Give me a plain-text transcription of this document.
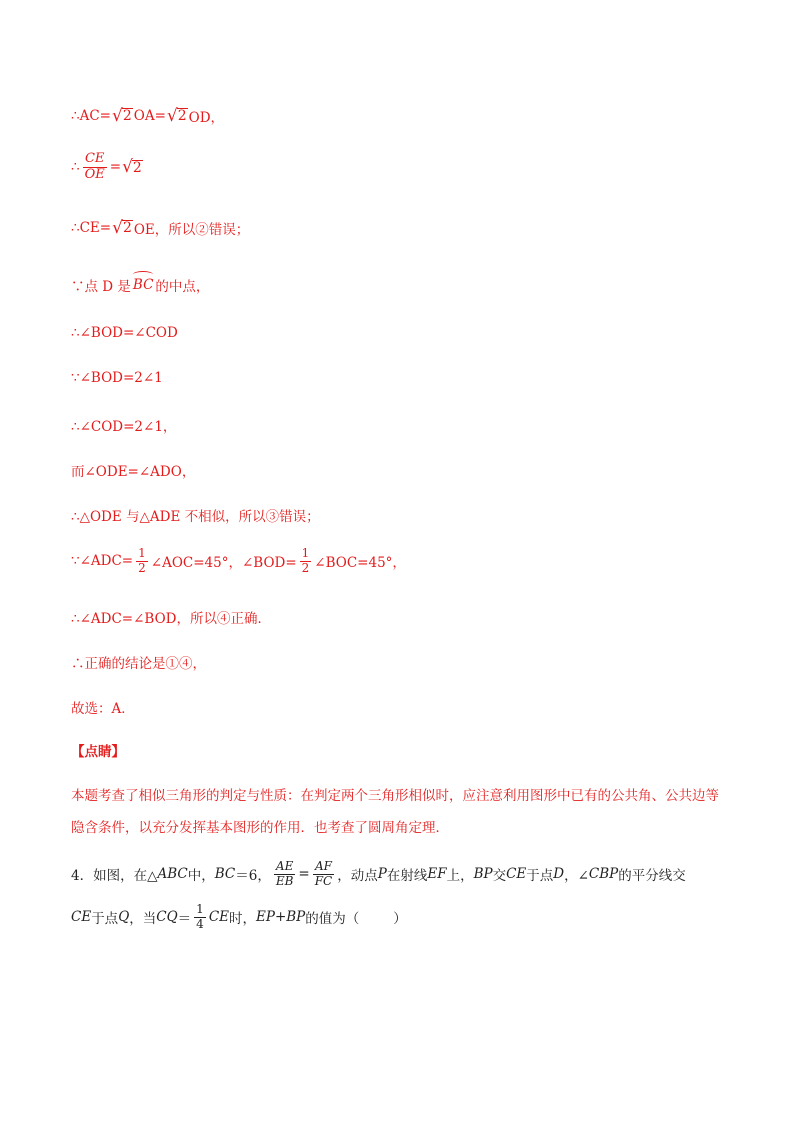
∴AC= √ 2 OA= √ 2 OD，
∴ $\frac{CE}{OE}$ = √ 2
∴CE= √ 2 OE，所以②错误；
∵点 D 是 BC 的中点，
∴∠BOD=∠COD
∵∠BOD=2∠1
∴∠COD=2∠1，
而∠ODE=∠ADO，
∴△ODE 与△ADE 不相似，所以③错误；
∵∠ADC= $\frac{1}{2}$ ∠AOC=45°，∠BOD= $\frac{1}{2}$ ∠BOC=45°，
∴∠ADC=∠BOD，所以④正确．
∴正确的结论是①④，
故选：A．
【点睛】
本题考查了相似三角形的判定与性质：在判定两个三角形相似时，应注意利用图形中已有的公共角、公共边等隐含条件，以充分发挥基本图形的作用．也考查了圆周角定理．
4．如图，在△ ABC 中， BC ＝6， $\frac{AE}{EB} = \frac{AF}{FC}$ ，动点 P 在射线 EF 上， BP 交 CE 于点 D ，∠ CBP 的平分线交
CE 于点 Q ，当 CQ ＝ $\frac{1}{4}$ CE 时， EP+BP 的值为（	）
